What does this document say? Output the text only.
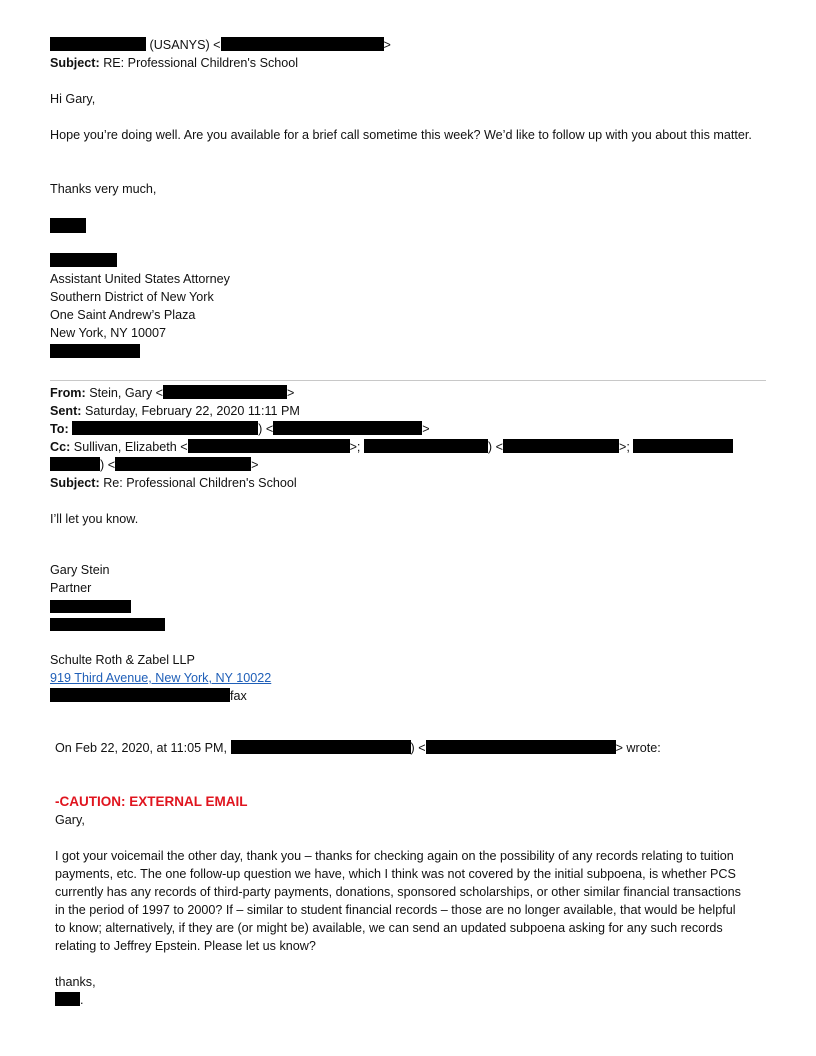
(USANYS) <	>
Subject: RE: Professional Children's School
Hi Gary,
Hope you’re doing well. Are you available for a brief call sometime this week? We’d like to follow up with you about this matter.
Thanks very much,
Assistant United States Attorney
Southern District of New York
One Saint Andrew’s Plaza
New York, NY 10007
From: Stein, Gary <	>
Sent: Saturday, February 22, 2020 11:11 PM
To:	) <	>
Cc: Sullivan, Elizabeth <	>;	) <	>;
) <	>
Subject: Re: Professional Children's School
I’ll let you know.
Gary Stein
Partner
Schulte Roth & Zabel LLP
919 Third Avenue, New York, NY 10022
fax
On Feb 22, 2020, at 11:05 PM,	) <	> wrote:
-CAUTION: EXTERNAL EMAIL
Gary,
I got your voicemail the other day, thank you – thanks for checking again on the possibility of any records relating to tuition payments, etc. The one follow-up question we have, which I think was not covered by the initial subpoena, is whether PCS currently has any records of third-party payments, donations, sponsored scholarships, or other similar financial transactions in the period of 1997 to 2000? If – similar to student financial records – those are no longer available, that would be helpful to know; alternatively, if they are (or might be) available, we can send an updated subpoena asking for any such records relating to Jeffrey Epstein. Please let us know?
thanks,
.
